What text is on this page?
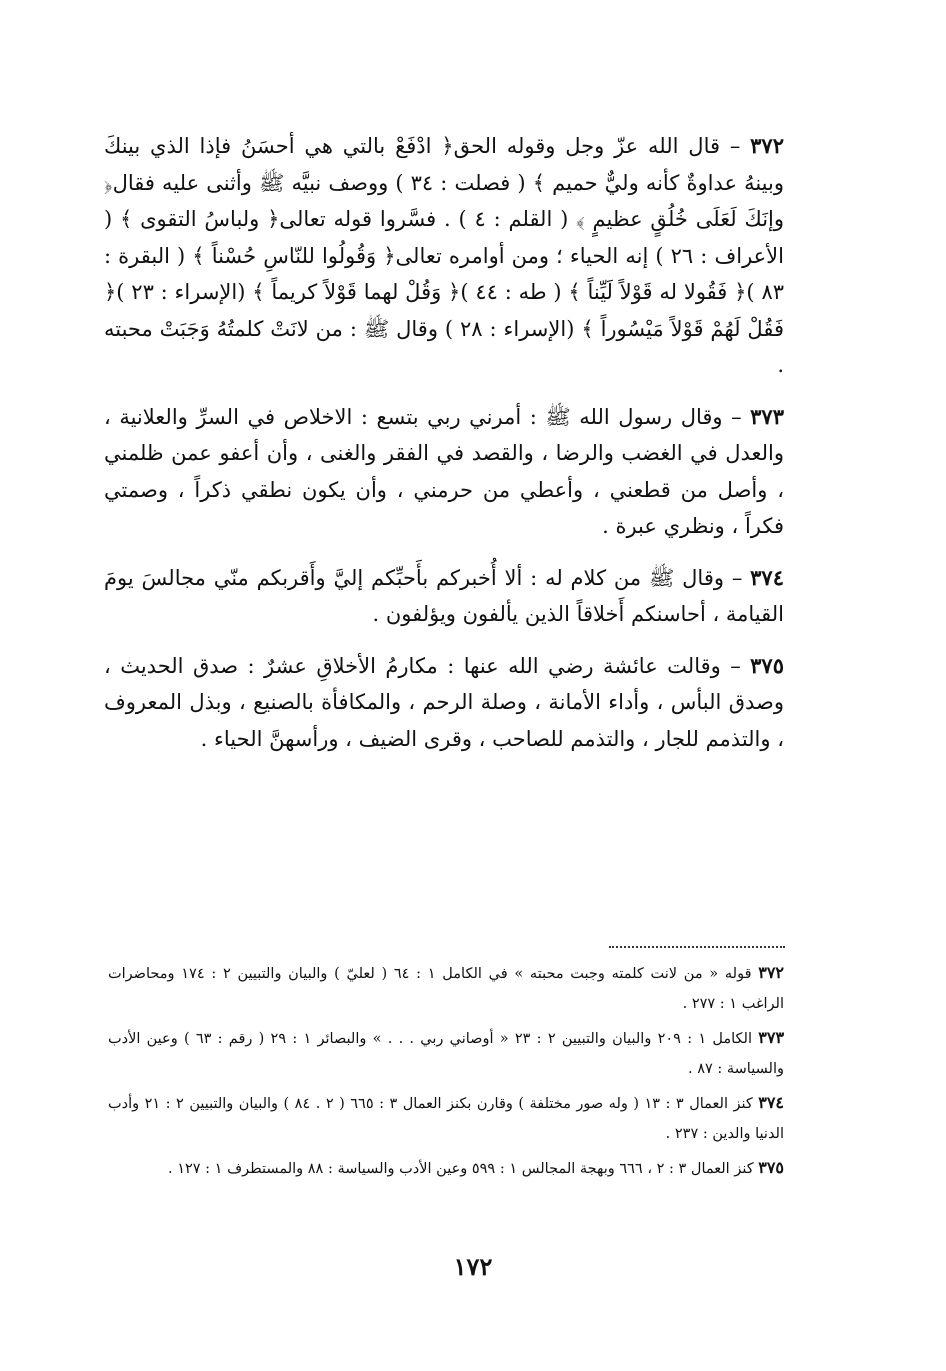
٣٧٢ – قال الله عزّ وجل وقوله الحق﴿ ادْفَعْ بالتي هي أحسَنُ فإذا الذي بينكَ وبينهُ عداوةٌ كأنه وليٌّ حميم ﴾ ( فصلت : ٣٤ ) ووصف نبيَّه ﷺ وأثنى عليه فقال﴿ وإنَكَ لَعَلَى خُلُقٍ عظيمٍ ﴾ ( القلم : ٤ ) . فسَّروا قوله تعالى﴿ ولباسُ التقوى ﴾ ( الأعراف : ٢٦ ) إنه الحياء ؛ ومن أوامره تعالى﴿ وَقُولُوا للنّاسِ حُسْناً ﴾ ( البقرة : ٨٣ )﴿ فَقُولا له قَوْلاً لَيِّناً ﴾ ( طه : ٤٤ )﴿ وَقُلْ لهما قَوْلاً كريماً ﴾ (الإسراء : ٢٣ )﴿ فَقُلْ لَهُمْ قَوْلاً مَيْسُوراً ﴾ (الإسراء : ٢٨ ) وقال ﷺ : من لانَتْ كلمتُهُ وَجَبَتْ محبته .

٣٧٣ – وقال رسول الله ﷺ : أمرني ربي بتسع : الاخلاص في السرِّ والعلانية ، والعدل في الغضب والرضا ، والقصد في الفقر والغنى ، وأن أعفو عمن ظلمني ، وأصل من قطعني ، وأعطي من حرمني ، وأن يكون نطقي ذكراً ، وصمتي فكراً ، ونظري عبرة .

٣٧٤ – وقال ﷺ من كلام له : ألا أُخبركم بأَحبِّكم إليَّ وأَقربكم منّي مجالسَ يومَ القيامة ، أحاسنكم أَخلاقاً الذين يألفون ويؤلفون .

٣٧٥ – وقالت عائشة رضي الله عنها : مكارمُ الأخلاقِ عشرٌ : صدق الحديث ، وصدق البأس ، وأداء الأمانة ، وصلة الرحم ، والمكافأة بالصنيع ، وبذل المعروف ، والتذمم للجار ، والتذمم للصاحب ، وقرى الضيف ، ورأسهنَّ الحياء .

٣٧٢ قوله « من لانت كلمته وجبت محبته » في الكامل ١ : ٦٤ ( لعليّ ) والبيان والتبيين ٢ : ١٧٤ ومحاضرات الراغب ١ : ٢٧٧ .

٣٧٣ الكامل ١ : ٢٠٩ والبيان والتبيين ٢ : ٢٣ « أوصاني ربي . . . » والبصائر ١ : ٢٩ ( رقم : ٦٣ ) وعين الأدب والسياسة : ٨٧ .

٣٧٤ كنز العمال ٣ : ١٣ ( وله صور مختلفة ) وقارن بكنز العمال ٣ : ٦٦٥ ( ٢ . ٨٤ ) والبيان والتبيين ٢ : ٢١ وأدب الدنيا والدين : ٢٣٧ .

٣٧٥ كنز العمال ٣ : ٢ ، ٦٦٦ وبهجة المجالس ١ : ٥٩٩ وعين الأدب والسياسة : ٨٨ والمستطرف ١ : ١٢٧ .

١٧٢
